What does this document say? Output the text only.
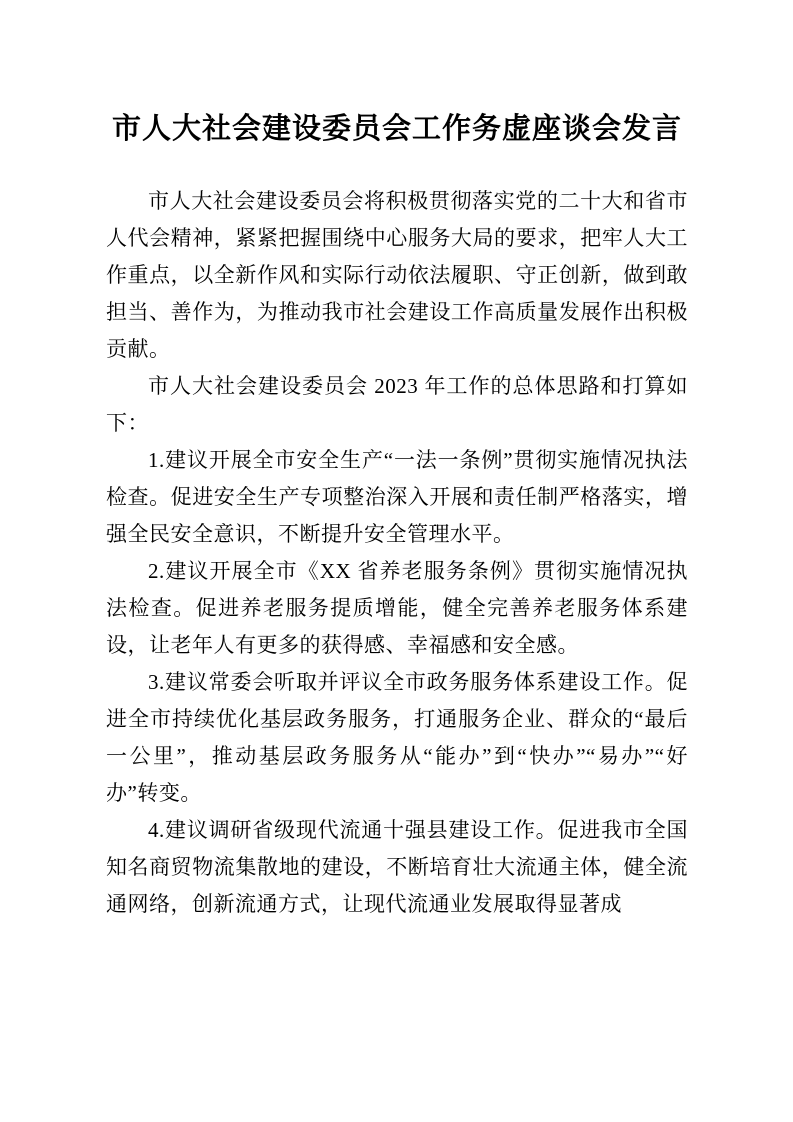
市人大社会建设委员会工作务虚座谈会发言

市人大社会建设委员会将积极贯彻落实党的二十大和省市人代会精神，紧紧把握围绕中心服务大局的要求，把牢人大工作重点，以全新作风和实际行动依法履职、守正创新，做到敢担当、善作为，为推动我市社会建设工作高质量发展作出积极贡献。

市人大社会建设委员会 2023 年工作的总体思路和打算如下：

1.建议开展全市安全生产“一法一条例”贯彻实施情况执法检查。促进安全生产专项整治深入开展和责任制严格落实，增强全民安全意识，不断提升安全管理水平。

2.建议开展全市《XX 省养老服务条例》贯彻实施情况执法检查。促进养老服务提质增能，健全完善养老服务体系建设，让老年人有更多的获得感、幸福感和安全感。

3.建议常委会听取并评议全市政务服务体系建设工作。促进全市持续优化基层政务服务，打通服务企业、群众的“最后一公里”，推动基层政务服务从“能办”到“快办”“易办”“好办”转变。

4.建议调研省级现代流通十强县建设工作。促进我市全国知名商贸物流集散地的建设，不断培育壮大流通主体，健全流通网络，创新流通方式，让现代流通业发展取得显著成
